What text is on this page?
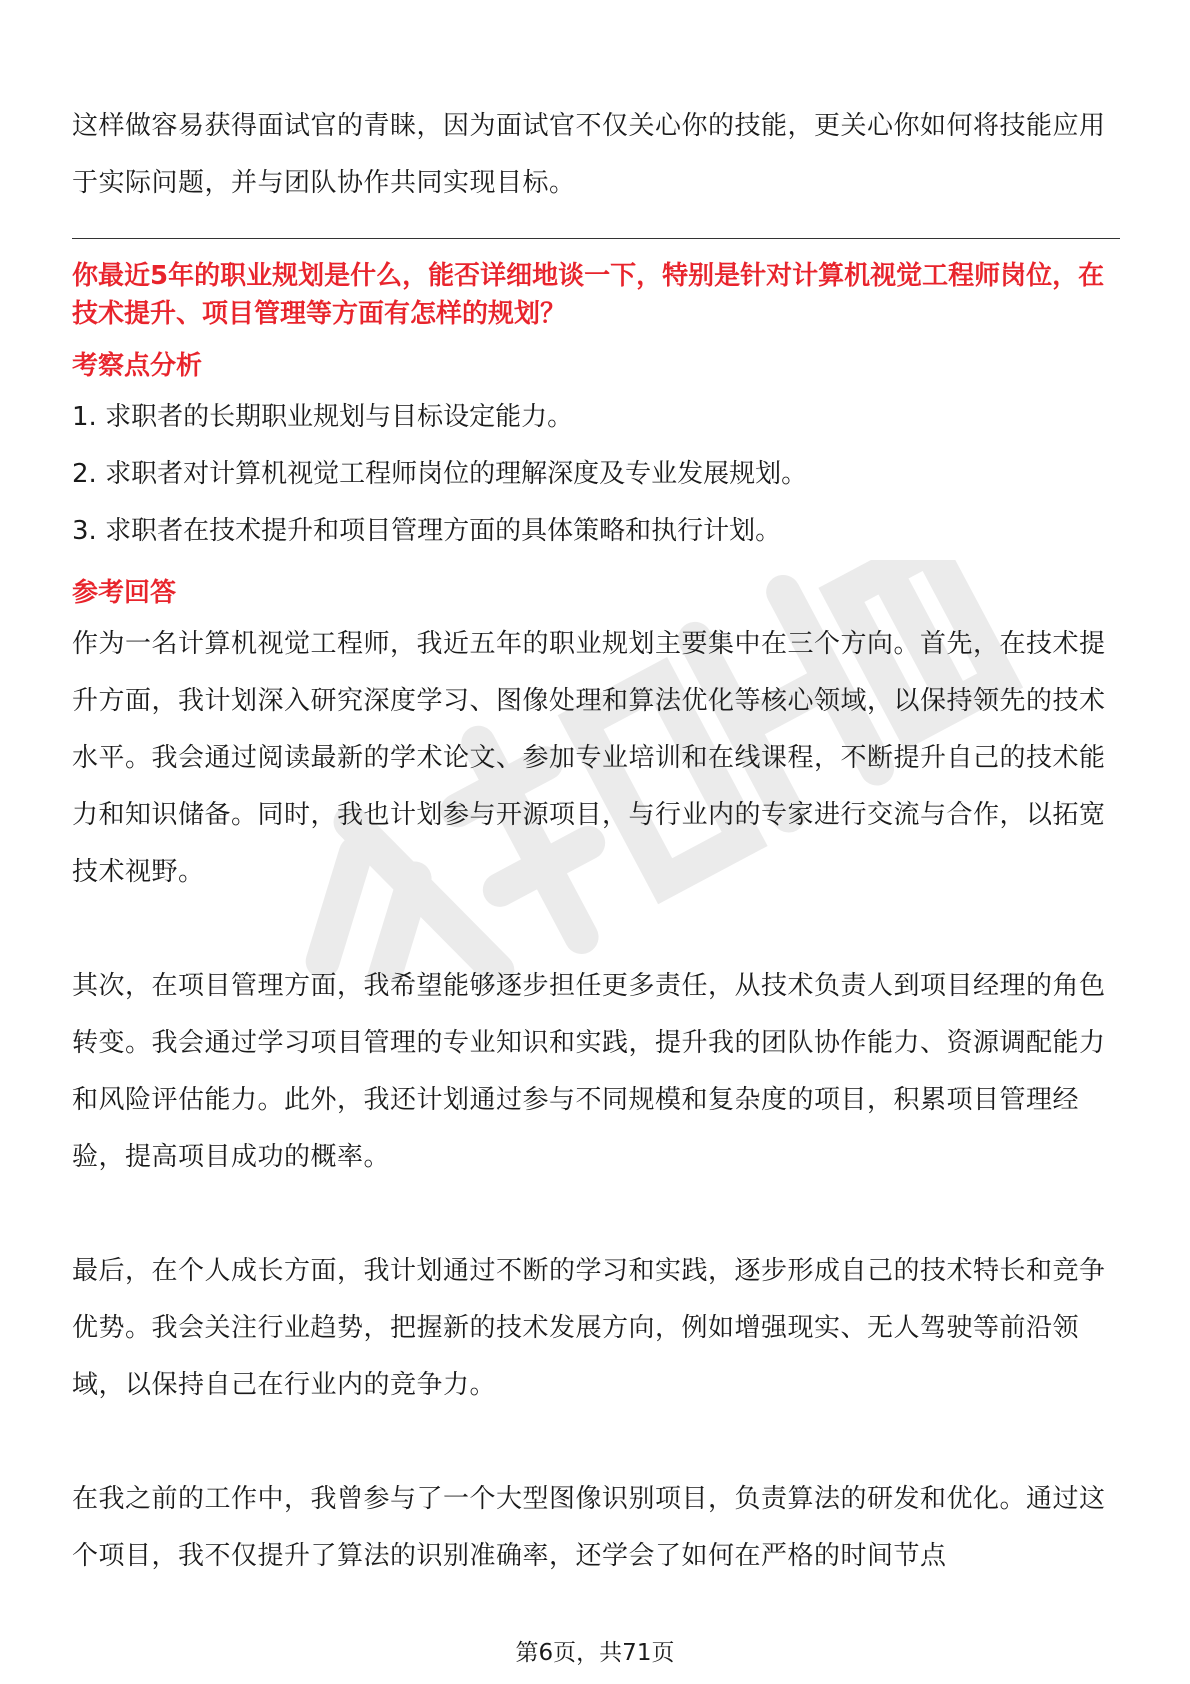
这样做容易获得面试官的青睐，因为面试官不仅关心你的技能，更关心你如何将技能应用于实际问题，并与团队协作共同实现目标。

你最近5年的职业规划是什么，能否详细地谈一下，特别是针对计算机视觉工程师岗位，在技术提升、项目管理等方面有怎样的规划？

考察点分析

1. 求职者的长期职业规划与目标设定能力。
2. 求职者对计算机视觉工程师岗位的理解深度及专业发展规划。
3. 求职者在技术提升和项目管理方面的具体策略和执行计划。

参考回答

作为一名计算机视觉工程师，我近五年的职业规划主要集中在三个方向。首先，在技术提升方面，我计划深入研究深度学习、图像处理和算法优化等核心领域，以保持领先的技术水平。我会通过阅读最新的学术论文、参加专业培训和在线课程，不断提升自己的技术能力和知识储备。同时，我也计划参与开源项目，与行业内的专家进行交流与合作，以拓宽技术视野。

其次，在项目管理方面，我希望能够逐步担任更多责任，从技术负责人到项目经理的角色转变。我会通过学习项目管理的专业知识和实践，提升我的团队协作能力、资源调配能力和风险评估能力。此外，我还计划通过参与不同规模和复杂度的项目，积累项目管理经验，提高项目成功的概率。

最后，在个人成长方面，我计划通过不断的学习和实践，逐步形成自己的技术特长和竞争优势。我会关注行业趋势，把握新的技术发展方向，例如增强现实、无人驾驶等前沿领域，以保持自己在行业内的竞争力。

在我之前的工作中，我曾参与了一个大型图像识别项目，负责算法的研发和优化。通过这个项目，我不仅提升了算法的识别准确率，还学会了如何在严格的时间节点

第6页，共71页
